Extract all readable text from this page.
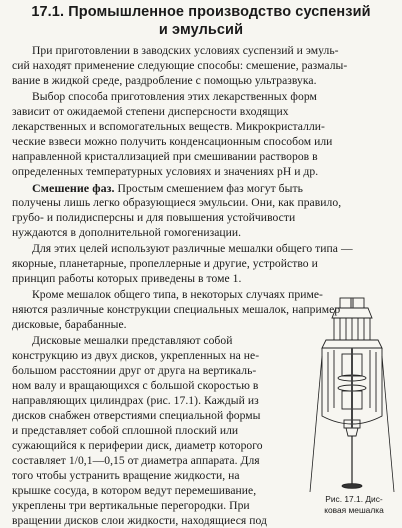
17.1. Промышленное производство суспензий
и эмульсий
При приготовлении в заводских условиях суспензий и эмуль-
сий находят применение следующие способы: смешение, размалы-
вание в жидкой среде, раздробление с помощью ультразвука.
Выбор способа приготовления этих лекарственных форм
зависит от ожидаемой степени дисперсности входящих
лекарственных и вспомогательных веществ. Микрокристалли-
ческие взвеси можно получить конденсационным способом или
направленной кристаллизацией при смешивании растворов в
определенных температурных условиях и значениях pH и др.
Смешение фаз. Простым смешением фаз могут быть
получены лишь легко образующиеся эмульсии. Они, как правило,
грубо- и полидисперсны и для повышения устойчивости
нуждаются в дополнительной гомогенизации.
Для этих целей используют различные мешалки общего типа —
якорные, планетарные, пропеллерные и другие, устройство и
принцип работы которых приведены в томе 1.
Кроме мешалок общего типа, в некоторых случаях приме-
няются различные конструкции специальных мешалок, например
дисковые, барабанные.
Дисковые мешалки представляют собой
конструкцию из двух дисков, укрепленных на не-
большом расстоянии друг от друга на вертикаль-
ном валу и вращающихся с большой скоростью в
направляющих цилиндрах (рис. 17.1). Каждый из
дисков снабжен отверстиями специальной формы
и представляет собой сплошной плоский или
сужающийся к периферии диск, диаметр которого
составляет 1/0,1—0,15 от диаметра аппарата. Для
того чтобы устранить вращение жидкости, на
крышке сосуда, в котором ведут перемешивание,
укреплены три вертикальные перегородки. При
вращении дисков слои жидкости, находящиеся под
Рис. 17.1. Дис-
ковая мешалка
